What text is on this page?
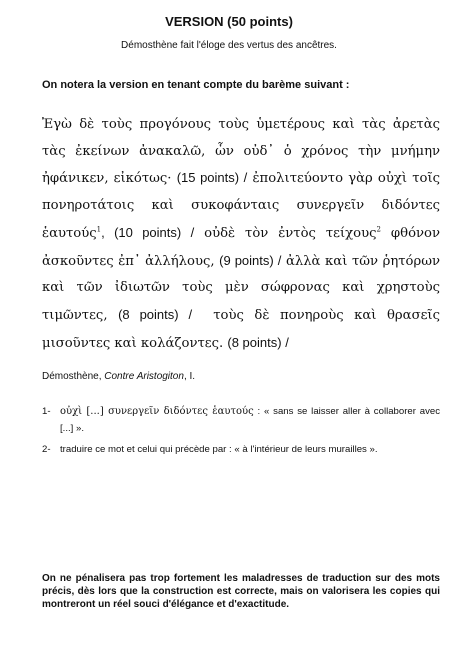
VERSION (50 points)
Démosthène fait l'éloge des vertus des ancêtres.
On notera la version en tenant compte du barème suivant :
Ἐγὼ δὲ τοὺς προγόνους τοὺς ὑμετέρους καὶ τὰς ἀρετὰς τὰς ἐκείνων ἀνακαλῶ, ὧν οὐδ᾽ ὁ χρόνος τὴν μνήμην ἠφάνικεν, εἰκότως· (15 points) / ἐπολιτεύοντο γὰρ οὐχὶ τοῖς πονηροτάτοις καὶ συκοφάνταις συνεργεῖν διδόντες ἑαυτούς$^1$, (10 points) / οὐδὲ τὸν ἐντὸς τείχους$^2$ φθόνον ἀσκοῦντες ἐπ᾽ ἀλλήλους, (9 points) / ἀλλὰ καὶ τῶν ῥητόρων καὶ τῶν ἰδιωτῶν τοὺς μὲν σώφρονας καὶ χρηστοὺς τιμῶντες, (8 points) / τοὺς δὲ πονηροὺς καὶ θρασεῖς μισοῦντες καὶ κολάζοντες. (8 points) /
Démosthène, Contre Aristogiton, I.
1- οὐχὶ [...] συνεργεῖν διδόντες ἑαυτούς : « sans se laisser aller à collaborer avec [...] ».
2- traduire ce mot et celui qui précède par : « à l'intérieur de leurs murailles ».
On ne pénalisera pas trop fortement les maladresses de traduction sur des mots précis, dès lors que la construction est correcte, mais on valorisera les copies qui montreront un réel souci d'élégance et d'exactitude.
